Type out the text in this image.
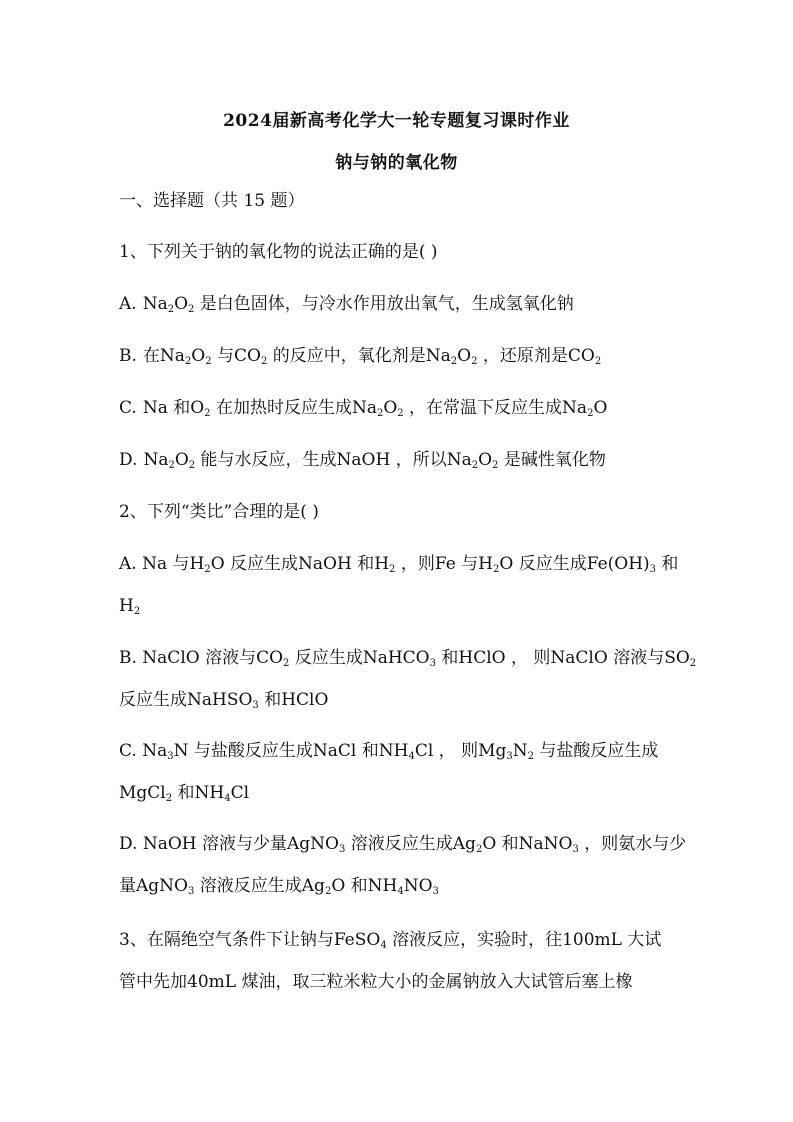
2024届新高考化学大一轮专题复习课时作业
钠与钠的氧化物
一、选择题（共 15 题）
1、下列关于钠的氧化物的说法正确的是( )
A. $Na_2O_2$ 是白色固体，与冷水作用放出氧气，生成氢氧化钠
B. 在$Na_2O_2$ 与$CO_2$ 的反应中，氧化剂是$Na_2O_2$ ，还原剂是$CO_2$
C. Na 和$O_2$ 在加热时反应生成$Na_2O_2$ ，在常温下反应生成$Na_2O$
D. $Na_2O_2$ 能与水反应，生成NaOH ，所以$Na_2O_2$ 是碱性氧化物
2、下列“类比”合理的是( )
A. Na 与$H_2O$ 反应生成NaOH 和$H_2$ ，则Fe 与$H_2O$ 反应生成$Fe(OH)_3$ 和
$H_2$
B. NaClO 溶液与$CO_2$ 反应生成NaHCO$_3$ 和HClO ， 则NaClO 溶液与$SO_2$
反应生成NaHSO$_3$ 和HClO
C. $Na_3N$ 与盐酸反应生成NaCl 和$NH_4Cl$ ， 则$Mg_3N_2$ 与盐酸反应生成
MgCl$_2$ 和$NH_4Cl$
D. NaOH 溶液与少量AgNO$_3$ 溶液反应生成$Ag_2O$ 和NaNO$_3$ ，则氨水与少
量AgNO$_3$ 溶液反应生成$Ag_2O$ 和$NH_4NO_3$
3、在隔绝空气条件下让钠与FeSO$_4$ 溶液反应，实验时，往100mL 大试
管中先加40mL 煤油，取三粒米粒大小的金属钠放入大试管后塞上橡
